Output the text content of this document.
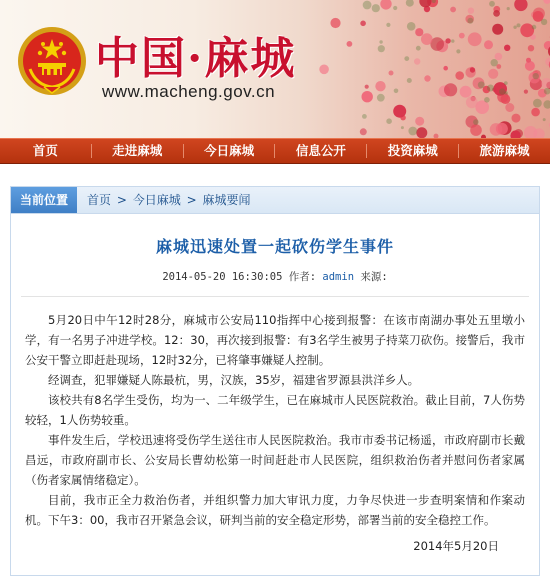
中国·麻城
www.macheng.gov.cn
首页	走进麻城	今日麻城	信息公开	投资麻城	旅游麻城
当前位置	首页 > 今日麻城 > 麻城要闻
麻城迅速处置一起砍伤学生事件
2014-05-20 16:30:05 作者: admin 来源:

5月20日中午12时28分，麻城市公安局110指挥中心接到报警：在该市南湖办事处五里墩小学，有一名男子冲进学校。12：30，再次接到报警：有3名学生被男子持菜刀砍伤。接警后，我市公安干警立即赶赴现场，12时32分，已将肇事嫌疑人控制。

经调查，犯罪嫌疑人陈最杭，男，汉族，35岁，福建省罗源县洪洋乡人。

该校共有8名学生受伤，均为一、二年级学生，已在麻城市人民医院救治。截止目前，7人伤势较轻，1人伤势较重。

事件发生后，学校迅速将受伤学生送往市人民医院救治。我市市委书记杨遥，市政府副市长戴昌远，市政府副市长、公安局长曹幼松第一时间赶赴市人民医院，组织救治伤者并慰问伤者家属（伤者家属情绪稳定）。

目前，我市正全力救治伤者，并组织警力加大审讯力度，力争尽快进一步查明案情和作案动机。下午3：00，我市召开紧急会议，研判当前的安全稳定形势，部署当前的安全稳控工作。

2014年5月20日
